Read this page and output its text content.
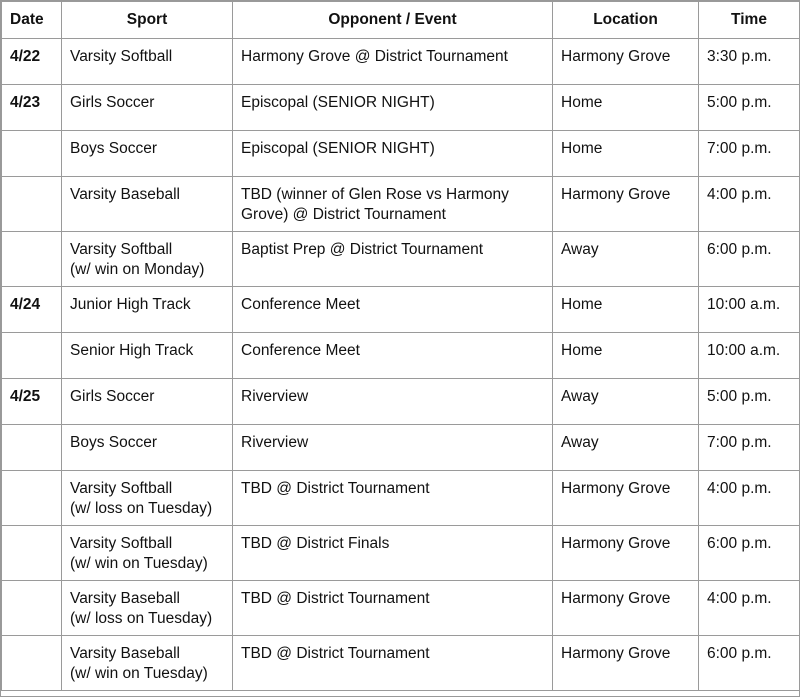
Date	Sport	Opponent / Event	Location	Time
4/22	Varsity Softball	Harmony Grove @ District Tournament	Harmony Grove	3:30 p.m.
4/23	Girls Soccer	Episcopal (SENIOR NIGHT)	Home	5:00 p.m.

	Boys Soccer	Episcopal (SENIOR NIGHT)	Home	7:00 p.m.

	Varsity Baseball	TBD (winner of Glen Rose vs Harmony
Grove) @ District Tournament	Harmony Grove	4:00 p.m.

	Varsity Softball
(w/ win on Monday)	Baptist Prep @ District Tournament	Away	6:00 p.m.
4/24	Junior High Track	Conference Meet	Home	10:00 a.m.

	Senior High Track	Conference Meet	Home	10:00 a.m.
4/25	Girls Soccer	Riverview	Away	5:00 p.m.

	Boys Soccer	Riverview	Away	7:00 p.m.

	Varsity Softball
(w/ loss on Tuesday)	TBD @ District Tournament	Harmony Grove	4:00 p.m.

	Varsity Softball
(w/ win on Tuesday)	TBD @ District Finals	Harmony Grove	6:00 p.m.

	Varsity Baseball
(w/ loss on Tuesday)	TBD @ District Tournament	Harmony Grove	4:00 p.m.

	Varsity Baseball
(w/ win on Tuesday)	TBD @ District Tournament	Harmony Grove	6:00 p.m.
